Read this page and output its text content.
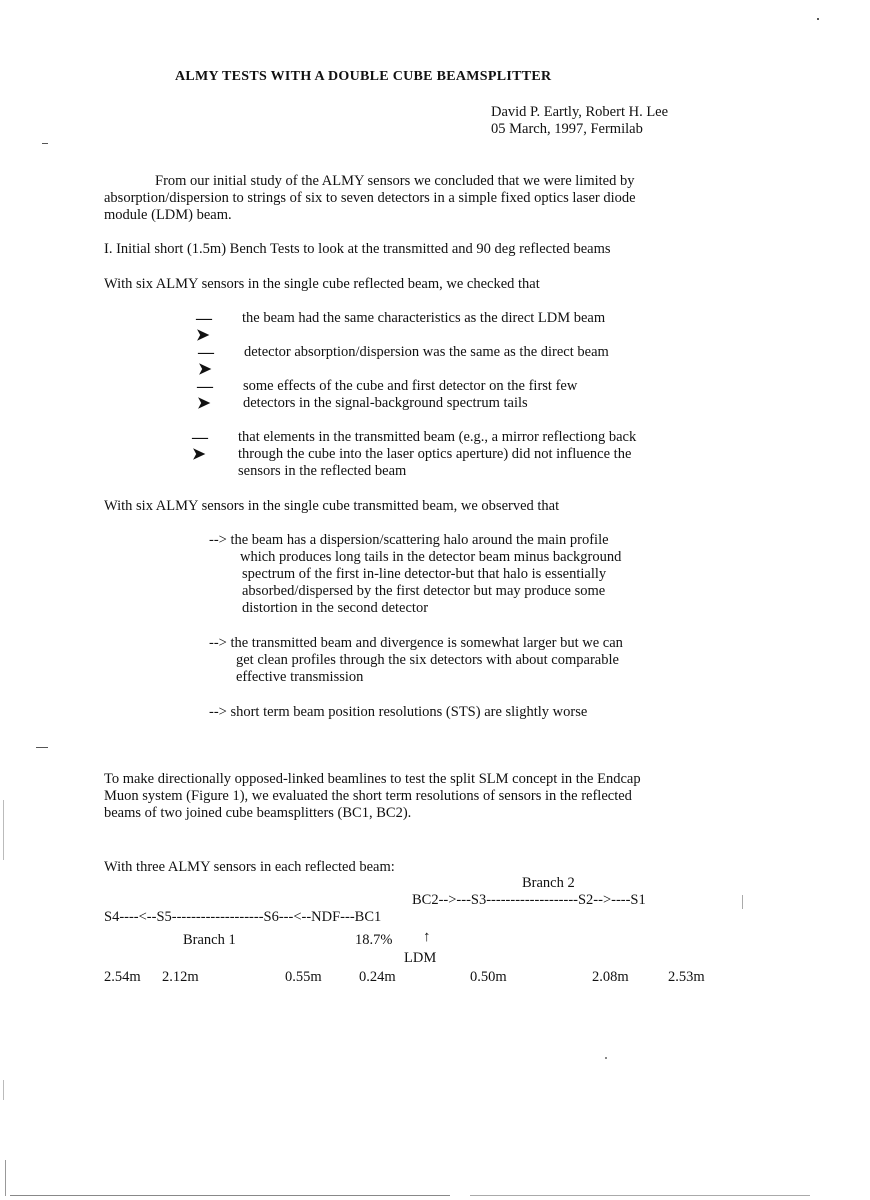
ALMY TESTS WITH A DOUBLE CUBE BEAMSPLITTER
David P. Eartly, Robert H. Lee
05 March, 1997, Fermilab
From our initial study of the ALMY sensors we concluded that we were limited by
absorption/dispersion to strings of six to seven detectors in a simple fixed optics laser diode
module (LDM) beam.
I. Initial short (1.5m) Bench Tests to look at the transmitted and 90 deg reflected beams
With six ALMY sensors in the single cube reflected beam, we checked that
—➤
the beam had the same characteristics as the direct LDM beam
—➤
detector absorption/dispersion was the same as the direct beam
—➤
some effects of the cube and first detector on the first few
detectors in the signal-background spectrum tails
—➤
that elements in the transmitted beam (e.g., a mirror reflectiong back
through the cube into the laser optics aperture) did not influence the
sensors in the reflected beam
With six ALMY sensors in the single cube transmitted beam, we observed that
--> the beam has a dispersion/scattering halo around the main profile
which produces long tails in the detector beam minus background
spectrum of the first in-line detector-but that halo is essentially
absorbed/dispersed by the first detector but may produce some
distortion in the second detector
--> the transmitted beam and divergence is somewhat larger but we can
get clean profiles through the six detectors with about comparable
effective transmission
--> short term beam position resolutions (STS) are slightly worse
To make directionally opposed-linked beamlines to test the split SLM concept in the Endcap
Muon system (Figure 1), we evaluated the short term resolutions of sensors in the reflected
beams of two joined cube beamsplitters (BC1, BC2).
With three ALMY sensors in each reflected beam:
Branch 2
BC2-->---S3-------------------S2-->----S1
S4----<--S5-------------------S6---<--NDF---BC1
Branch 1	18.7% ↑
LDM
2.54m 2.12m	0.55m	0.24m	0.50m	2.08m	2.53m
